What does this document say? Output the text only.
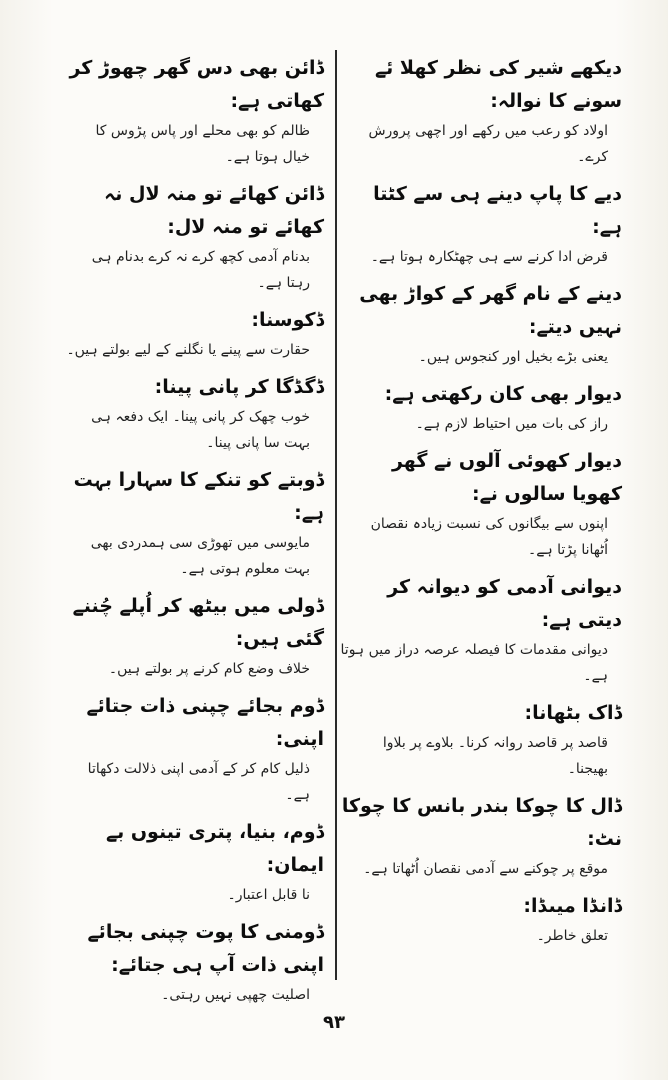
دیکھے شیر کی نظر کھلا ئے سونے کا نوالہ:
اولاد کو رعب میں رکھے اور اچھی پرورش کرے۔
دیے کا پاپ دینے ہی سے کٹتا ہے:
قرض ادا کرنے سے ہی چھٹکارہ ہوتا ہے۔
دینے کے نام گھر کے کواڑ بھی نہیں دیتے:
یعنی بڑے بخیل اور کنجوس ہیں۔
دیوار بھی کان رکھتی ہے:
راز کی بات میں احتیاط لازم ہے۔
دیوار کھوئی آلوں نے گھر کھویا سالوں نے:
اپنوں سے بیگانوں کی نسبت زیادہ نقصان اُٹھانا پڑتا ہے۔
دیوانی آدمی کو دیوانہ کر دیتی ہے:
دیوانی مقدمات کا فیصلہ عرصہ دراز میں ہوتا ہے۔
ڈاک بٹھانا:
قاصد پر قاصد روانہ کرنا۔ بلاوے پر بلاوا بھیجنا۔
ڈال کا چوکا بندر بانس کا چوکا نٹ:
موقع پر چوکنے سے آدمی نقصان اُٹھاتا ہے۔
ڈانڈا میںڈا:
تعلق خاطر۔
ڈائن بھی دس گھر چھوڑ کر کھاتی ہے:
ظالم کو بھی محلے اور پاس پڑوس کا خیال ہوتا ہے۔
ڈائن کھائے تو منہ لال نہ کھائے تو منہ لال:
بدنام آدمی کچھ کرے نہ کرے بدنام ہی رہتا ہے۔
ڈکوسنا:
حقارت سے پینے یا نگلنے کے لیے بولتے ہیں۔
ڈگڈگا کر پانی پینا:
خوب چھک کر پانی پینا۔ ایک دفعہ ہی بہت سا پانی پینا۔
ڈوبتے کو تنکے کا سہارا بہت ہے:
مایوسی میں تھوڑی سی ہمدردی بھی بہت معلوم ہوتی ہے۔
ڈولی میں بیٹھ کر اُپلے چُننے گئی ہیں:
خلاف وضع کام کرنے پر بولتے ہیں۔
ڈوم بجائے چپنی ذات جتائے اپنی:
ذلیل کام کر کے آدمی اپنی ذلالت دکھاتا ہے۔
ڈوم، بنیا، پتری تینوں بے ایمان:
نا قابل اعتبار۔
ڈومنی کا پوت چپنی بجائے اپنی ذات آپ ہی جتائے:
اصلیت چھپی نہیں رہتی۔
۹۳
